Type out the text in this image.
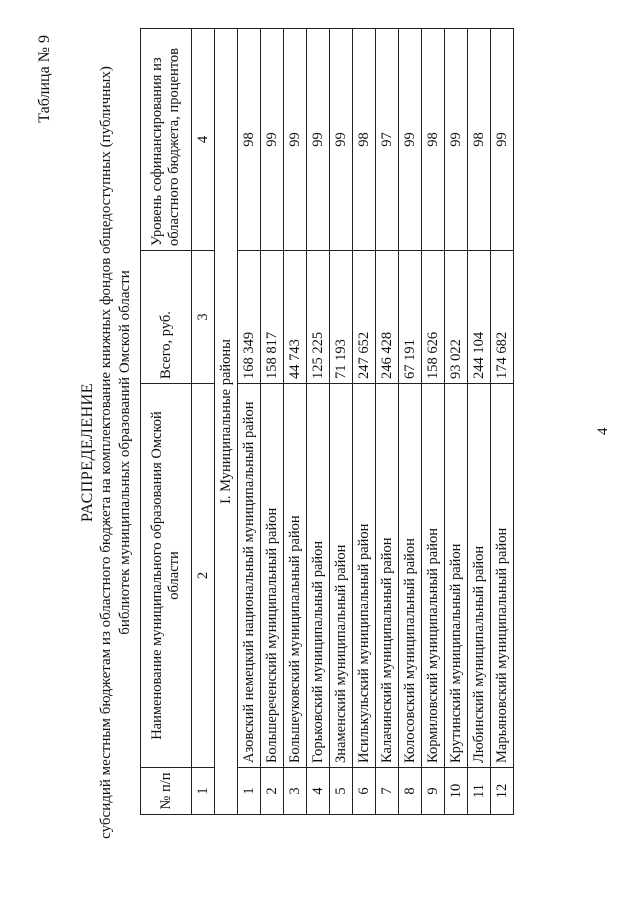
4
Таблица № 9
РАСПРЕДЕЛЕНИЕ субсидий местным бюджетам из областного бюджета на комплектование книжных фондов общедоступных (публичных) библиотек муниципальных образований Омской области
№ п/п	Наименование муниципального образования Омской области	Всего, руб.	Уровень софинансирования из областного бюджета, процентов
1	2	3	4
I. Муниципальные районы			
1	Азовский немецкий национальный муниципальный район	168 349	98
2	Большереченский муниципальный район	158 817	99
3	Большеуковский муниципальный район	44 743	99
4	Горьковский муниципальный район	125 225	99
5	Знаменский муниципальный район	71 193	99
6	Исилькульский муниципальный район	247 652	98
7	Калачинский муниципальный район	246 428	97
8	Колосовский муниципальный район	67 191	99
9	Кормиловский муниципальный район	158 626	98
10	Крутинский муниципальный район	93 022	99
11	Любинский муниципальный район	244 104	98
12	Марьяновский муниципальный район	174 682	99
